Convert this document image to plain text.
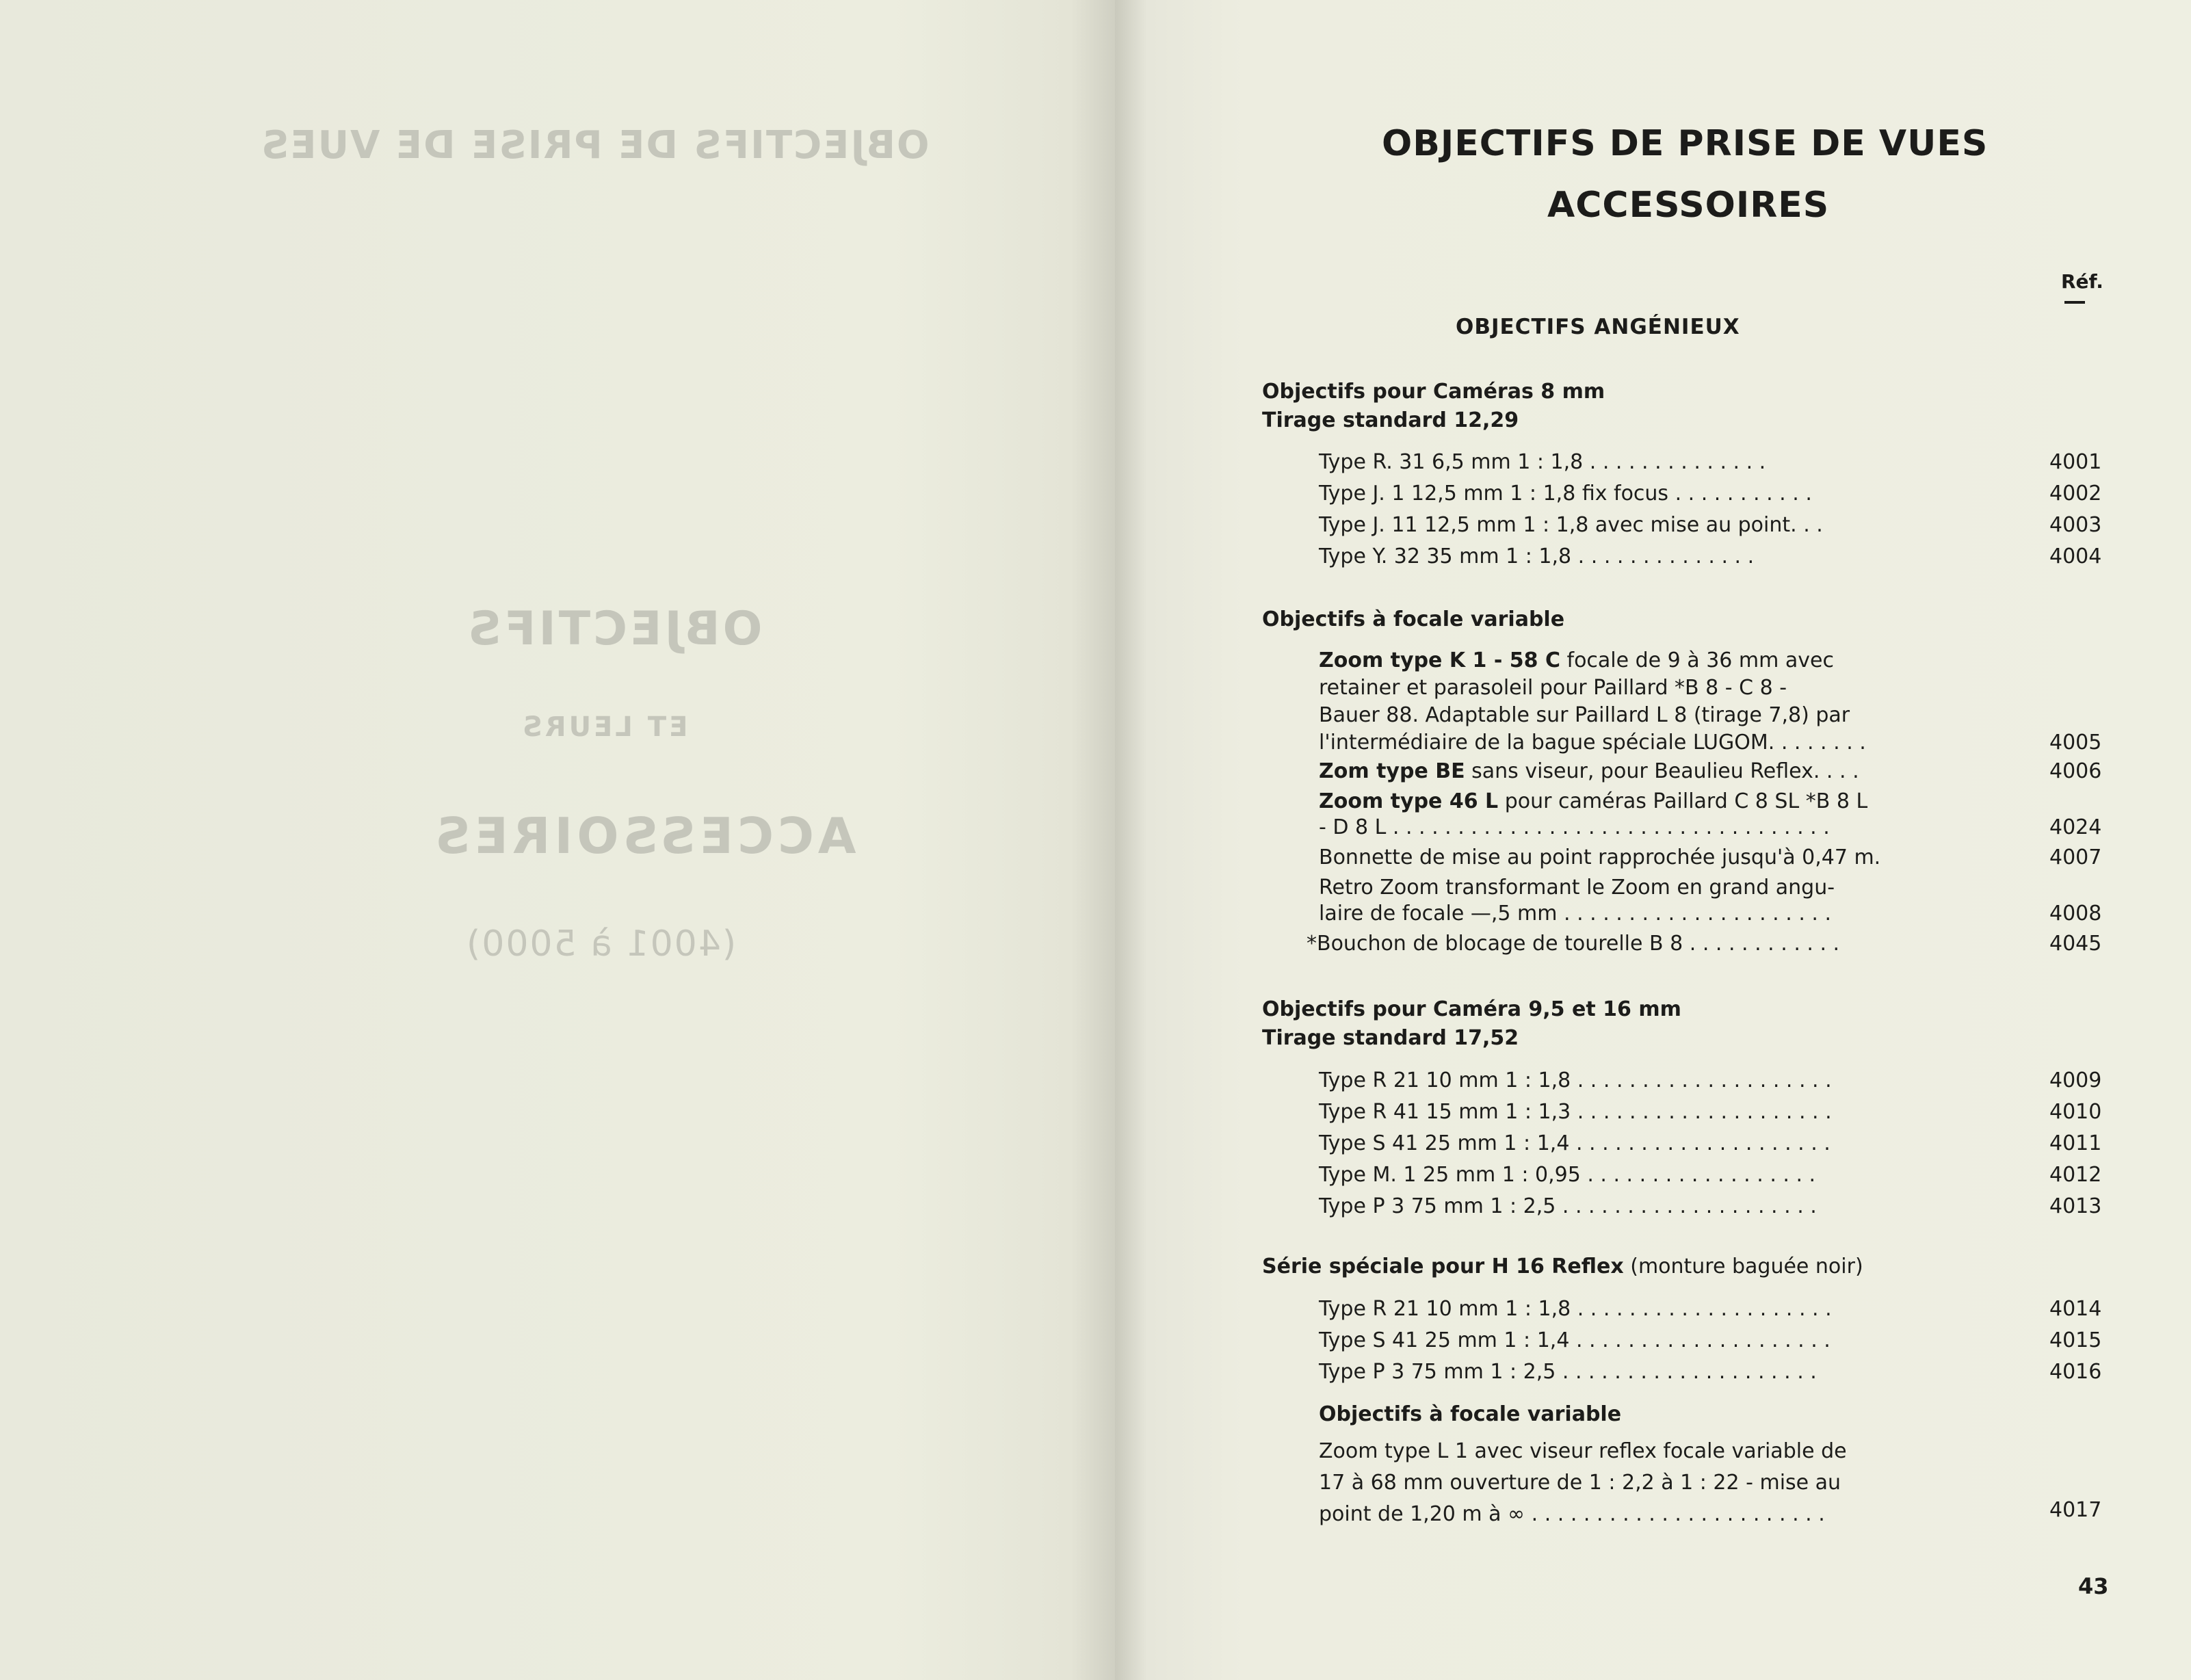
OBJECTIFS DE PRISE DE VUES
OBJECTIFS
ET LEURS
ACCESSOIRES
(4001 à 5000)
OBJECTIFS DE PRISE DE VUES
ACCESSOIRES
Réf.
OBJECTIFS ANGÉNIEUX
Objectifs pour Caméras 8 mm
Tirage standard 12,29
Type R. 31 6,5 mm 1 : 1,8 . . . . . . . . . . . . . .	4001
Type J. 1 12,5 mm 1 : 1,8 fix focus . . . . . . . . . . .	4002
Type J. 11 12,5 mm 1 : 1,8 avec mise au point. . .	4003
Type Y. 32 35 mm 1 : 1,8 . . . . . . . . . . . . . .	4004
Objectifs à focale variable
Zoom type K 1 - 58 C focale de 9 à 36 mm avec
retainer et parasoleil pour Paillard *B 8 - C 8 -
Bauer 88. Adaptable sur Paillard L 8 (tirage 7,8) par
l'intermédiaire de la bague spéciale LUGOM. . . . . . . .	4005
Zom type BE sans viseur, pour Beaulieu Reflex. . . .	4006
Zoom type 46 L pour caméras Paillard C 8 SL *B 8 L
- D 8 L . . . . . . . . . . . . . . . . . . . . . . . . . . . . . . . . . .	4024
Bonnette de mise au point rapprochée jusqu'à 0,47 m.	4007
Retro Zoom transformant le Zoom en grand angu-
laire de focale —,5 mm . . . . . . . . . . . . . . . . . . . . .	4008
*Bouchon de blocage de tourelle B 8 . . . . . . . . . . . .	4045
Objectifs pour Caméra 9,5 et 16 mm
Tirage standard 17,52
Type R 21 10 mm 1 : 1,8 . . . . . . . . . . . . . . . . . . . .	4009
Type R 41 15 mm 1 : 1,3 . . . . . . . . . . . . . . . . . . . .	4010
Type S 41 25 mm 1 : 1,4 . . . . . . . . . . . . . . . . . . . .	4011
Type M. 1 25 mm 1 : 0,95 . . . . . . . . . . . . . . . . . .	4012
Type P 3 75 mm 1 : 2,5 . . . . . . . . . . . . . . . . . . . .	4013
Série spéciale pour H 16 Reflex (monture baguée noir)
Type R 21 10 mm 1 : 1,8 . . . . . . . . . . . . . . . . . . . .	4014
Type S 41 25 mm 1 : 1,4 . . . . . . . . . . . . . . . . . . . .	4015
Type P 3 75 mm 1 : 2,5 . . . . . . . . . . . . . . . . . . . .	4016
Objectifs à focale variable
Zoom type L 1 avec viseur reflex focale variable de
17 à 68 mm ouverture de 1 : 2,2 à 1 : 22 - mise au
point de 1,20 m à ∞ . . . . . . . . . . . . . . . . . . . . . . .	4017
43
